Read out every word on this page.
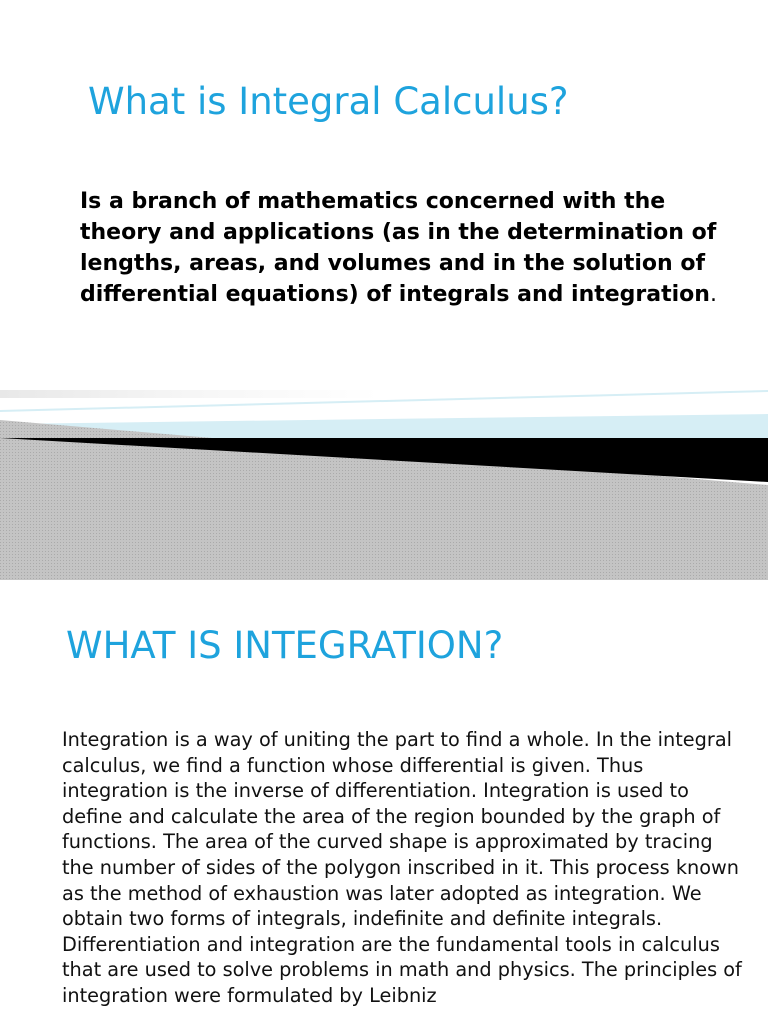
What is Integral Calculus?

Is a branch of mathematics concerned with the theory and applications (as in the determination of lengths, areas, and volumes and in the solution of differential equations) of integrals and integration.

WHAT IS INTEGRATION?

Integration is a way of uniting the part to find a whole. In the integral calculus, we find a function whose differential is given. Thus integration is the inverse of differentiation. Integration is used to define and calculate the area of the region bounded by the graph of functions. The area of the curved shape is approximated by tracing the number of sides of the polygon inscribed in it. This process known as the method of exhaustion was later adopted as integration. We obtain two forms of integrals, indefinite and definite integrals. Differentiation and integration are the fundamental tools in calculus that are used to solve problems in math and physics. The principles of integration were formulated by Leibniz
